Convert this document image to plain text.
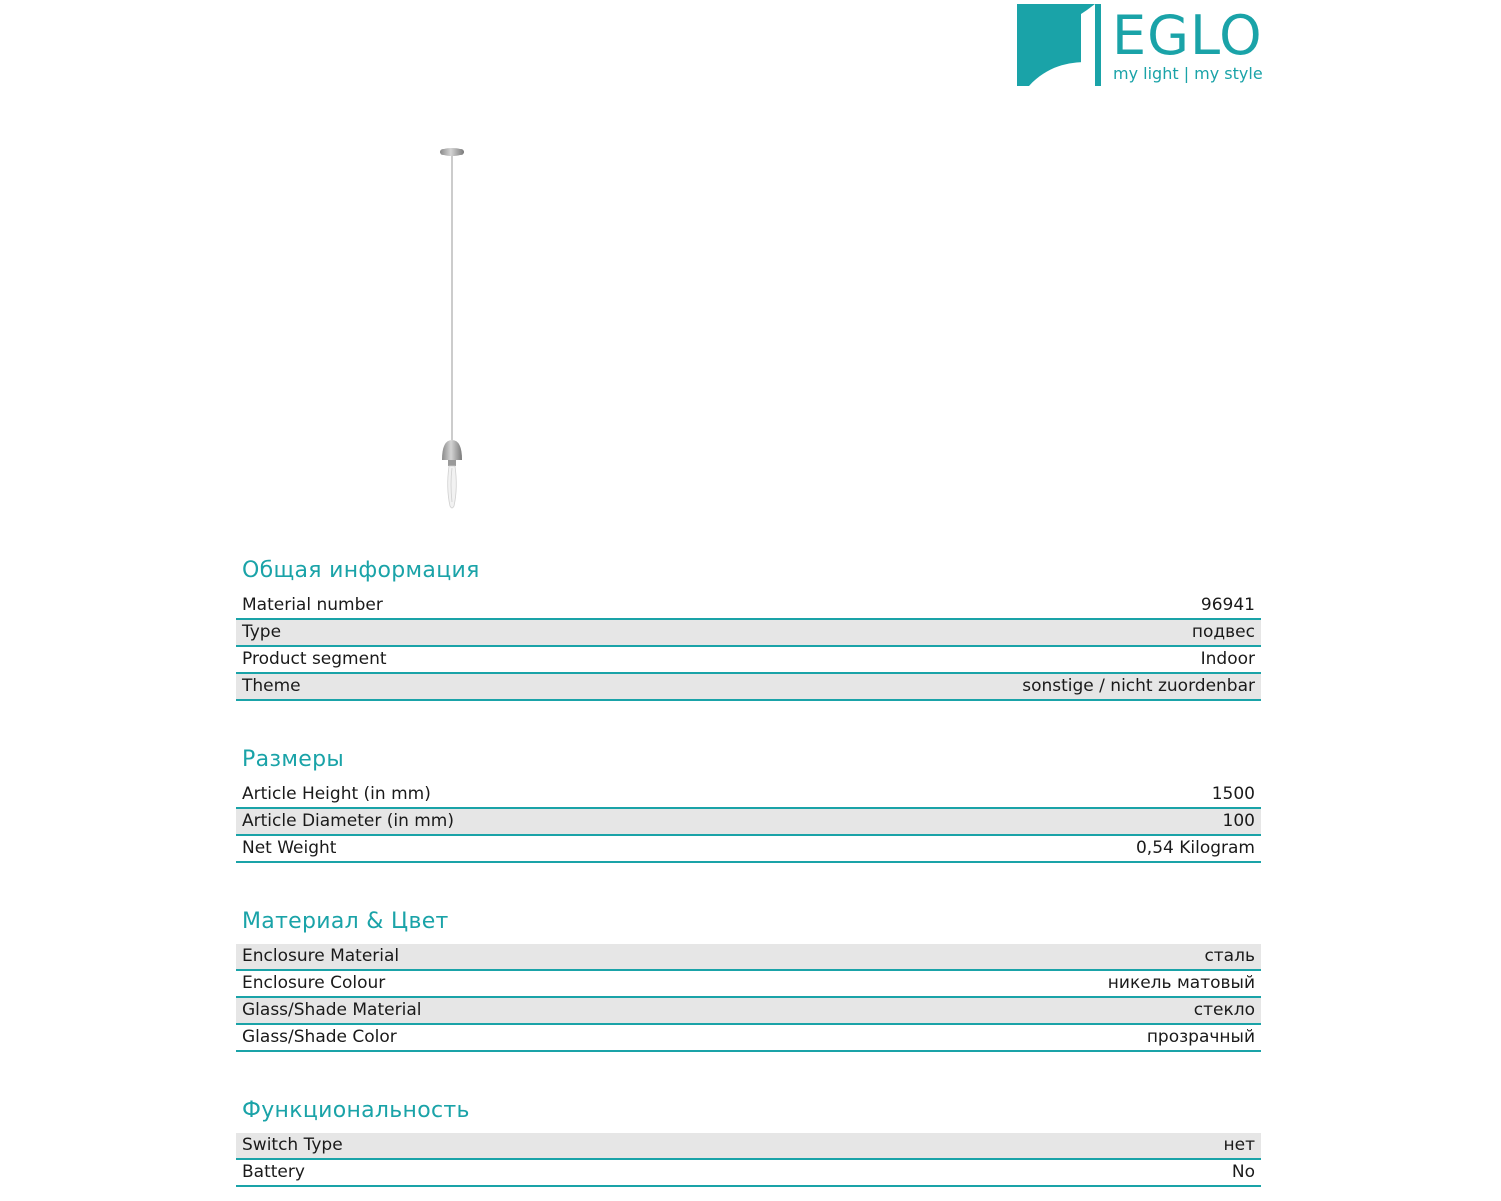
EGLO
my light | my style
Общая информация
Material number	96941
Type	подвес
Product segment	Indoor
Theme	sonstige / nicht zuordenbar
Размеры
Article Height (in mm)	1500
Article Diameter (in mm)	100
Net Weight	0,54 Kilogram
Материал & Цвет
Enclosure Material	сталь
Enclosure Colour	никель матовый
Glass/Shade Material	стекло
Glass/Shade Color	прозрачный
Функциональность
Switch Type	нет
Battery	No
